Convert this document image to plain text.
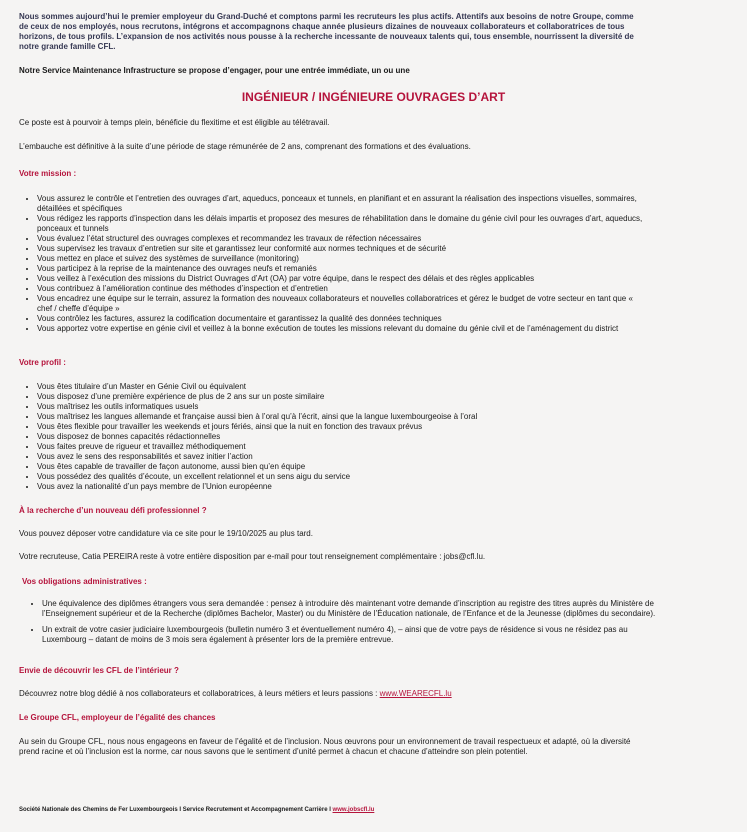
Nous sommes aujourd’hui le premier employeur du Grand-Duché et comptons parmi les recruteurs les plus actifs. Attentifs aux besoins de notre Groupe, comme de ceux de nos employés, nous recrutons, intégrons et accompagnons chaque année plusieurs dizaines de nouveaux collaborateurs et collaboratrices de tous horizons, de tous profils. L’expansion de nos activités nous pousse à la recherche incessante de nouveaux talents qui, tous ensemble, nourrissent la diversité de notre grande famille CFL.
Notre Service Maintenance Infrastructure se propose d’engager, pour une entrée immédiate, un ou une
INGÉNIEUR / INGÉNIEURE OUVRAGES D’ART
Ce poste est à pourvoir à temps plein, bénéficie du flexitime et est éligible au télétravail.
L’embauche est définitive à la suite d’une période de stage rémunérée de 2 ans, comprenant des formations et des évaluations.
Votre mission :
• Vous assurez le contrôle et l’entretien des ouvrages d’art, aqueducs, ponceaux et tunnels, en planifiant et en assurant la réalisation des inspections visuelles, sommaires, détaillées et spécifiques
• Vous rédigez les rapports d’inspection dans les délais impartis et proposez des mesures de réhabilitation dans le domaine du génie civil pour les ouvrages d’art, aqueducs, ponceaux et tunnels
• Vous évaluez l’état structurel des ouvrages complexes et recommandez les travaux de réfection nécessaires
• Vous supervisez les travaux d’entretien sur site et garantissez leur conformité aux normes techniques et de sécurité
• Vous mettez en place et suivez des systèmes de surveillance (monitoring)
• Vous participez à la reprise de la maintenance des ouvrages neufs et remaniés
• Vous veillez à l’exécution des missions du District Ouvrages d’Art (OA) par votre équipe, dans le respect des délais et des règles applicables
• Vous contribuez à l’amélioration continue des méthodes d’inspection et d’entretien
• Vous encadrez une équipe sur le terrain, assurez la formation des nouveaux collaborateurs et nouvelles collaboratrices et gérez le budget de votre secteur en tant que « chef / cheffe d’équipe »
• Vous contrôlez les factures, assurez la codification documentaire et garantissez la qualité des données techniques
• Vous apportez votre expertise en génie civil et veillez à la bonne exécution de toutes les missions relevant du domaine du génie civil et de l’aménagement du district
Votre profil :
• Vous êtes titulaire d’un Master en Génie Civil ou équivalent
• Vous disposez d’une première expérience de plus de 2 ans sur un poste similaire
• Vous maîtrisez les outils informatiques usuels
• Vous maîtrisez les langues allemande et française aussi bien à l’oral qu’à l’écrit, ainsi que la langue luxembourgeoise à l’oral
• Vous êtes flexible pour travailler les weekends et jours fériés, ainsi que la nuit en fonction des travaux prévus
• Vous disposez de bonnes capacités rédactionnelles
• Vous faites preuve de rigueur et travaillez méthodiquement
• Vous avez le sens des responsabilités et savez initier l’action
• Vous êtes capable de travailler de façon autonome, aussi bien qu’en équipe
• Vous possédez des qualités d’écoute, un excellent relationnel et un sens aigu du service
• Vous avez la nationalité d’un pays membre de l’Union européenne
À la recherche d’un nouveau défi professionnel ?
Vous pouvez déposer votre candidature via ce site pour le 19/10/2025 au plus tard.
Votre recruteuse, Catia PEREIRA reste à votre entière disposition par e-mail pour tout renseignement complémentaire : jobs@cfl.lu.
Vos obligations administratives :
• Une équivalence des diplômes étrangers vous sera demandée : pensez à introduire dès maintenant votre demande d’inscription au registre des titres auprès du Ministère de l’Enseignement supérieur et de la Recherche (diplômes Bachelor, Master) ou du Ministère de l’Éducation nationale, de l’Enfance et de la Jeunesse (diplômes du secondaire).
• Un extrait de votre casier judiciaire luxembourgeois (bulletin numéro 3 et éventuellement numéro 4), – ainsi que de votre pays de résidence si vous ne résidez pas au Luxembourg – datant de moins de 3 mois sera également à présenter lors de la première entrevue.
Envie de découvrir les CFL de l’intérieur ?
Découvrez notre blog dédié à nos collaborateurs et collaboratrices, à leurs métiers et leurs passions : www.WEARECFL.lu
Le Groupe CFL, employeur de l’égalité des chances
Au sein du Groupe CFL, nous nous engageons en faveur de l’égalité et de l’inclusion. Nous œuvrons pour un environnement de travail respectueux et adapté, où la diversité prend racine et où l’inclusion est la norme, car nous savons que le sentiment d’unité permet à chacun et chacune d’atteindre son plein potentiel.
Société Nationale des Chemins de Fer Luxembourgeois I Service Recrutement et Accompagnement Carrière I www.jobscfl.lu
